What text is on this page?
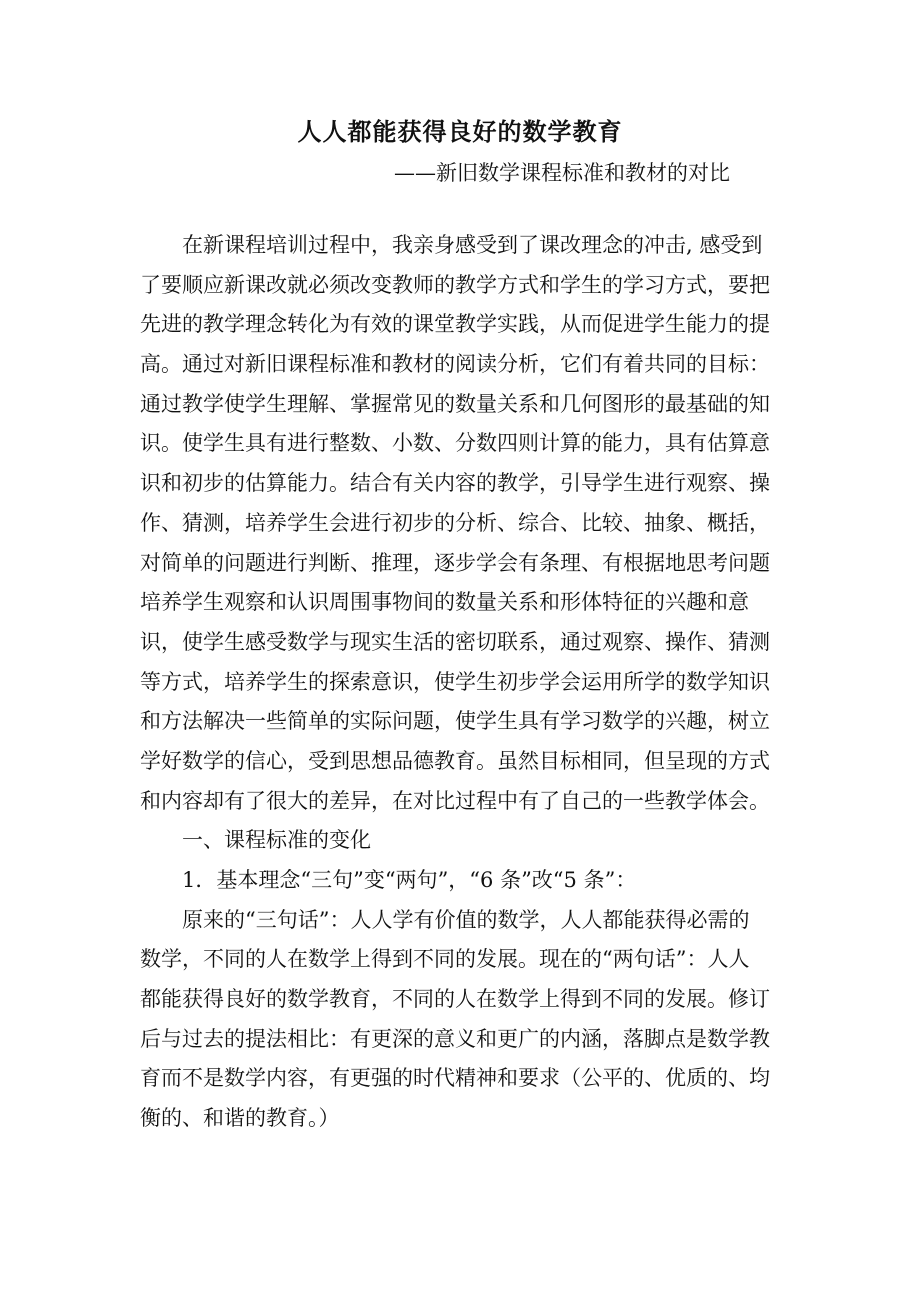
人人都能获得良好的数学教育

——新旧数学课程标准和教材的对比

在新课程培训过程中，我亲身感受到了课改理念的冲击, 感受到
了要顺应新课改就必须改变教师的教学方式和学生的学习方式，要把
先进的教学理念转化为有效的课堂教学实践，从而促进学生能力的提
高。通过对新旧课程标准和教材的阅读分析，它们有着共同的目标：
通过教学使学生理解、掌握常见的数量关系和几何图形的最基础的知
识。使学生具有进行整数、小数、分数四则计算的能力，具有估算意
识和初步的估算能力。结合有关内容的教学，引导学生进行观察、操
作、猜测，培养学生会进行初步的分析、综合、比较、抽象、概括，
对简单的问题进行判断、推理，逐步学会有条理、有根据地思考问题
培养学生观察和认识周围事物间的数量关系和形体特征的兴趣和意
识，使学生感受数学与现实生活的密切联系，通过观察、操作、猜测
等方式，培养学生的探索意识，使学生初步学会运用所学的数学知识
和方法解决一些简单的实际问题，使学生具有学习数学的兴趣，树立
学好数学的信心，受到思想品德教育。虽然目标相同，但呈现的方式
和内容却有了很大的差异，在对比过程中有了自己的一些教学体会。
一、课程标准的变化
1．基本理念“三句”变“两句”，“6 条”改“5 条”：
原来的“三句话”：人人学有价值的数学，人人都能获得必需的
数学，不同的人在数学上得到不同的发展。现在的“两句话”：人人
都能获得良好的数学教育，不同的人在数学上得到不同的发展。修订
后与过去的提法相比：有更深的意义和更广的内涵，落脚点是数学教
育而不是数学内容，有更强的时代精神和要求（公平的、优质的、均
衡的、和谐的教育。）
